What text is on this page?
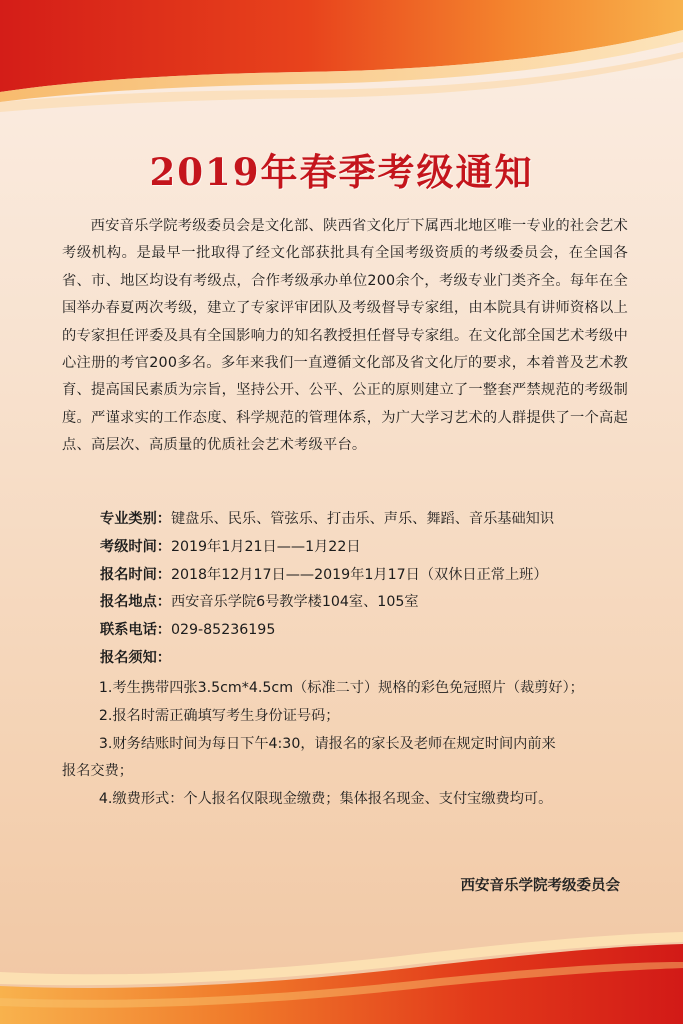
2019年春季考级通知

西安音乐学院考级委员会是文化部、陕西省文化厅下属西北地区唯一专业的社会艺术考级机构。是最早一批取得了经文化部获批具有全国考级资质的考级委员会，在全国各省、市、地区均设有考级点，合作考级承办单位200余个，考级专业门类齐全。每年在全国举办春夏两次考级，建立了专家评审团队及考级督导专家组，由本院具有讲师资格以上的专家担任评委及具有全国影响力的知名教授担任督导专家组。在文化部全国艺术考级中心注册的考官200多名。多年来我们一直遵循文化部及省文化厅的要求，本着普及艺术教育、提高国民素质为宗旨，坚持公开、公平、公正的原则建立了一整套严禁规范的考级制度。严谨求实的工作态度、科学规范的管理体系，为广大学习艺术的人群提供了一个高起点、高层次、高质量的优质社会艺术考级平台。

专业类别：键盘乐、民乐、管弦乐、打击乐、声乐、舞蹈、音乐基础知识
考级时间：2019年1月21日——1月22日
报名时间：2018年12月17日——2019年1月17日（双休日正常上班）
报名地点：西安音乐学院6号教学楼104室、105室
联系电话：029-85236195
报名须知：
1.考生携带四张3.5cm*4.5cm（标准二寸）规格的彩色免冠照片（裁剪好）；
2.报名时需正确填写考生身份证号码；
3.财务结账时间为每日下午4:30，请报名的家长及老师在规定时间内前来
报名交费；
4.缴费形式：个人报名仅限现金缴费；集体报名现金、支付宝缴费均可。
西安音乐学院考级委员会
